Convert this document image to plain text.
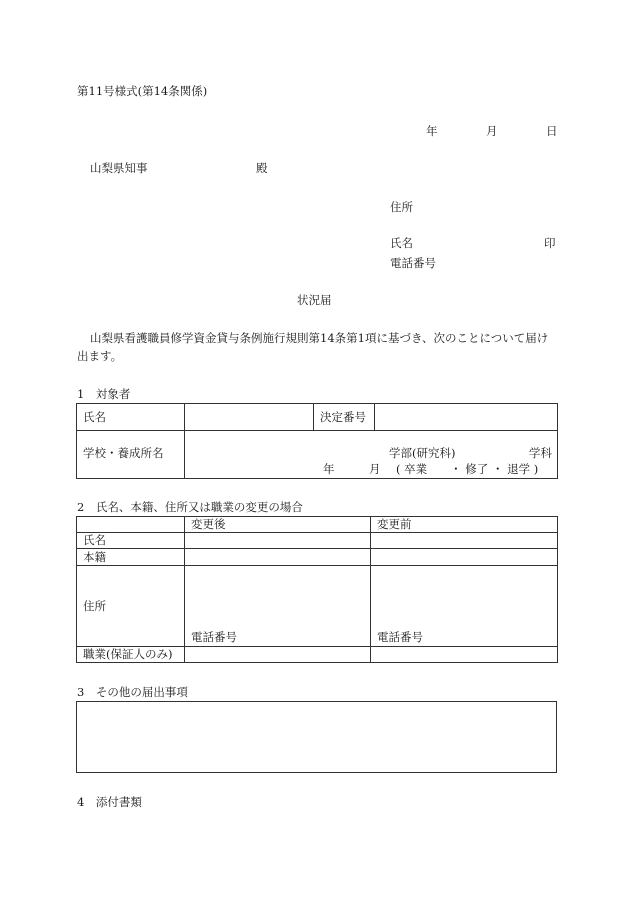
第11号様式(第14条関係)
年	月	日
山梨県知事	殿
住所
氏名	印
電話番号
状況届
山梨県看護職員修学資金貸与条例施行規則第14条第1項に基づき、次のことについて届け
出ます。
1　対象者
氏名		決定番号	
学校・養成所名	学部(研究科) 学科
年 月 ( 卒業　　・ 修了 ・ 退学 )		
2　氏名、本籍、住所又は職業の変更の場合
	変更後	変更前
氏名		
本籍		
住所	電話番号	電話番号
職業(保証人のみ)		
3　その他の届出事項
4　添付書類
